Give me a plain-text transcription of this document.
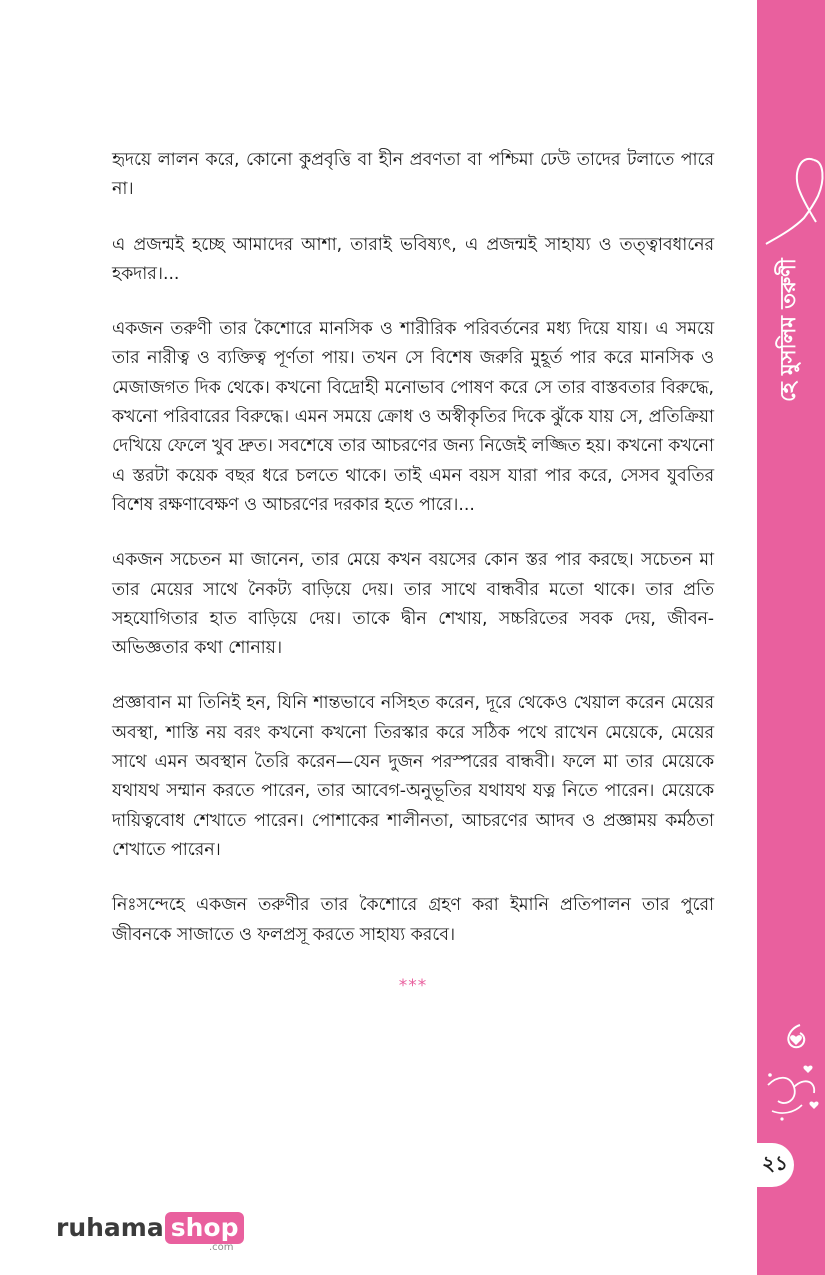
হে মুসলিম তরুণী
২১

হৃদয়ে লালন করে, কোনো কুপ্রবৃত্তি বা হীন প্রবণতা বা পশ্চিমা ঢেউ তাদের টলাতে পারে না।

এ প্রজন্মই হচ্ছে আমাদের আশা, তারাই ভবিষ্যৎ, এ প্রজন্মই সাহায্য ও তত্ত্বাবধানের হকদার।...

একজন তরুণী তার কৈশোরে মানসিক ও শারীরিক পরিবর্তনের মধ্য দিয়ে যায়। এ সময়ে তার নারীত্ব ও ব্যক্তিত্ব পূর্ণতা পায়। তখন সে বিশেষ জরুরি মুহূর্ত পার করে মানসিক ও মেজাজগত দিক থেকে। কখনো বিদ্রোহী মনোভাব পোষণ করে সে তার বাস্তবতার বিরুদ্ধে, কখনো পরিবারের বিরুদ্ধে। এমন সময়ে ক্রোধ ও অস্বীকৃতির দিকে ঝুঁকে যায় সে, প্রতিক্রিয়া দেখিয়ে ফেলে খুব দ্রুত। সবশেষে তার আচরণের জন্য নিজেই লজ্জিত হয়। কখনো কখনো এ স্তরটা কয়েক বছর ধরে চলতে থাকে। তাই এমন বয়স যারা পার করে, সেসব যুবতির বিশেষ রক্ষণাবেক্ষণ ও আচরণের দরকার হতে পারে।...

একজন সচেতন মা জানেন, তার মেয়ে কখন বয়সের কোন স্তর পার করছে। সচেতন মা তার মেয়ের সাথে নৈকট্য বাড়িয়ে দেয়। তার সাথে বান্ধবীর মতো থাকে। তার প্রতি সহযোগিতার হাত বাড়িয়ে দেয়। তাকে দ্বীন শেখায়, সচ্চরিতের সবক দেয়, জীবন-অভিজ্ঞতার কথা শোনায়।

প্রজ্ঞাবান মা তিনিই হন, যিনি শান্তভাবে নসিহত করেন, দূরে থেকেও খেয়াল করেন মেয়ের অবস্থা, শাস্তি নয় বরং কখনো কখনো তিরস্কার করে সঠিক পথে রাখেন মেয়েকে, মেয়ের সাথে এমন অবস্থান তৈরি করেন—যেন দুজন পরস্পরের বান্ধবী। ফলে মা তার মেয়েকে যথাযথ সম্মান করতে পারেন, তার আবেগ-অনুভূতির যথাযথ যত্ন নিতে পারেন। মেয়েকে দায়িত্ববোধ শেখাতে পারেন। পোশাকের শালীনতা, আচরণের আদব ও প্রজ্ঞাময় কর্মঠতা শেখাতে পারেন।

নিঃসন্দেহে একজন তরুণীর তার কৈশোরে গ্রহণ করা ইমানি প্রতিপালন তার পুরো জীবনকে সাজাতে ও ফলপ্রসূ করতে সাহায্য করবে।

***
ruhama shop
.com
